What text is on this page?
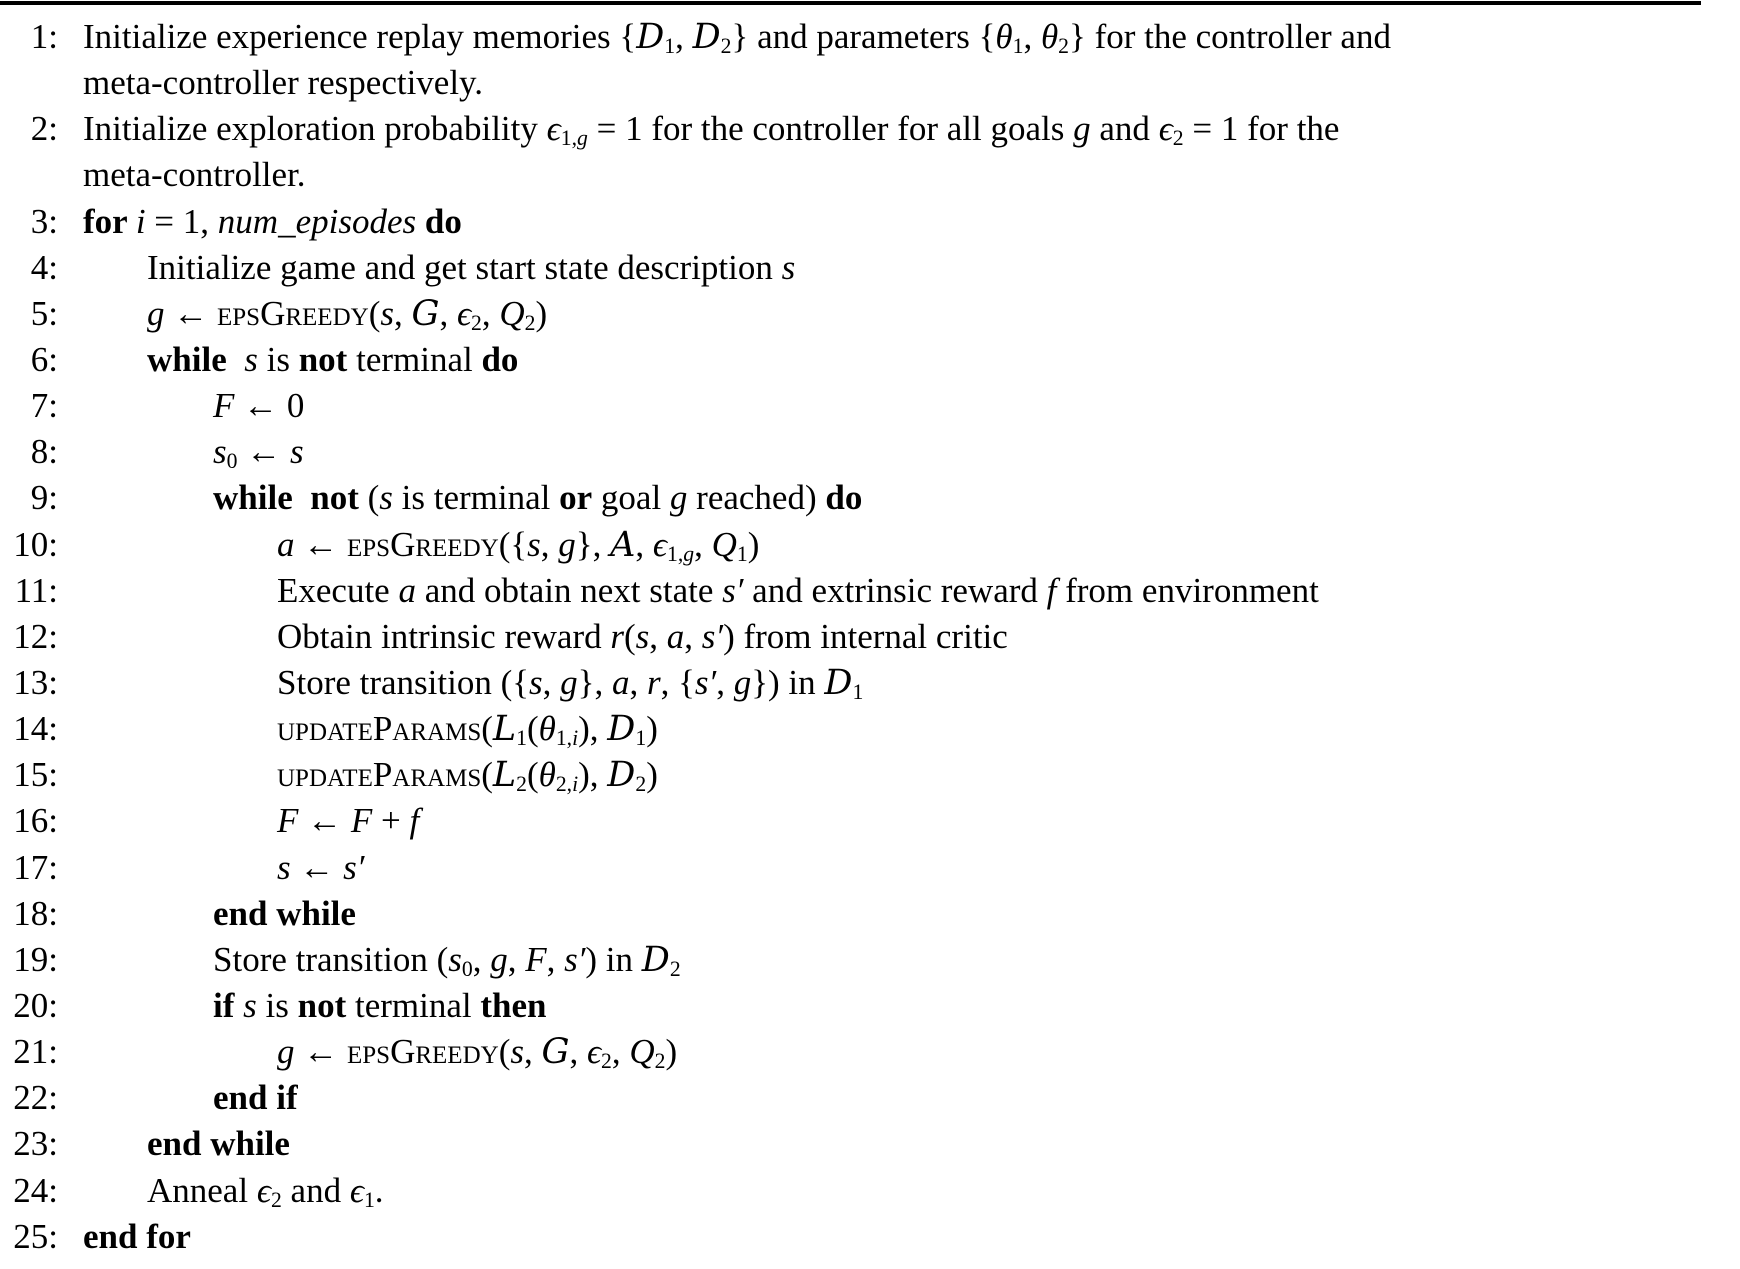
1: Initialize experience replay memories {$D_1$, $D_2$} and parameters {$\theta_1$, $\theta_2$} for the controller and
meta-controller respectively.
2: Initialize exploration probability $\epsilon_{1,g} = 1$ for the controller for all goals g and $\epsilon_2 = 1$ for the
meta-controller.
3: for i = 1, num_episodes do
4:	Initialize game and get start state description s
5:	g ← epsGreedy(s, G, $\epsilon_2$, $Q_2$)
6:	while  s is not terminal do
7:	F ← 0
8:	$s_0$ ← s
9:	while  not (s is terminal or goal g reached) do
10:	a ← epsGreedy({s, g}, A, $\epsilon_{1,g}$, $Q_1$)
11:	Execute a and obtain next state s′ and extrinsic reward f from environment
12:	Obtain intrinsic reward r(s, a, s′) from internal critic
13:	Store transition ({s, g}, a, r, {s′, g}) in $D_1$
14:	$updateParams(L_1(\theta_{1,i})$, $D_1$)
15:	$updateParams(L_2(\theta_{2,i})$, $D_2$)
16:	F ← F + f
17:	s ← s′
18:	end while
19:	Store transition ($s_0$, g, F, s′) in $D_2$
20:	if s is not terminal then
21:	g ← epsGreedy(s, G, $\epsilon_2$, $Q_2$)
22:	end if
23:	end while
24:	Anneal $\epsilon_2$ and $\epsilon_1$.
25: end for
